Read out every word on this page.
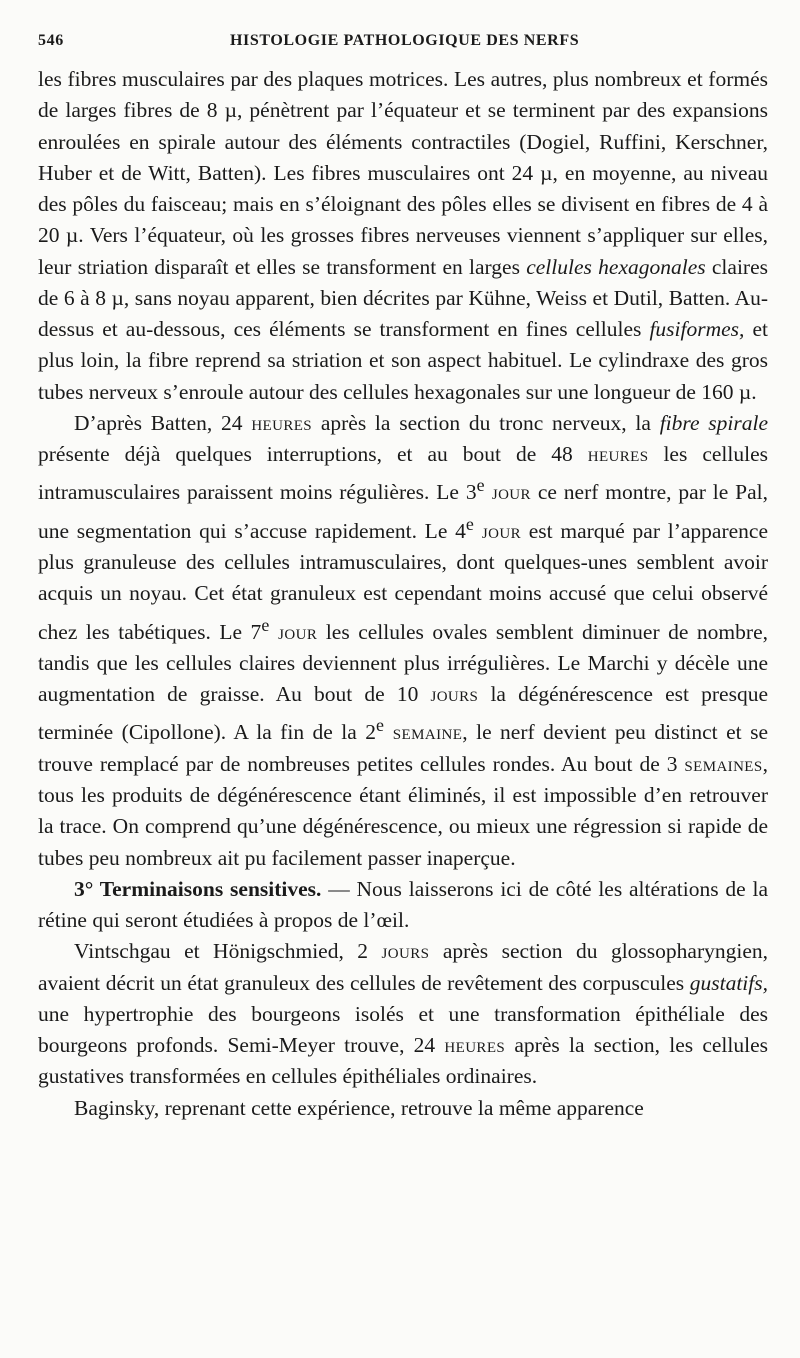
546	HISTOLOGIE PATHOLOGIQUE DES NERFS

les fibres musculaires par des plaques motrices. Les autres, plus nombreux et formés de larges fibres de 8 µ, pénètrent par l’équateur et se terminent par des expansions enroulées en spirale autour des éléments contractiles (Dogiel, Ruffini, Kerschner, Huber et de Witt, Batten). Les fibres musculaires ont 24 µ, en moyenne, au niveau des pôles du faisceau; mais en s’éloignant des pôles elles se divisent en fibres de 4 à 20 µ. Vers l’équateur, où les grosses fibres nerveuses viennent s’appliquer sur elles, leur striation disparaît et elles se transforment en larges cellules hexagonales claires de 6 à 8 µ, sans noyau apparent, bien décrites par Kühne, Weiss et Dutil, Batten. Au-dessus et au-dessous, ces éléments se transforment en fines cellules fusiformes, et plus loin, la fibre reprend sa striation et son aspect habituel. Le cylindraxe des gros tubes nerveux s’enroule autour des cellules hexagonales sur une longueur de 160 µ.

D’après Batten, 24 heures après la section du tronc nerveux, la fibre spirale présente déjà quelques interruptions, et au bout de 48 heures les cellules intramusculaires paraissent moins régulières. Le 3e jour ce nerf montre, par le Pal, une segmentation qui s’accuse rapidement. Le 4e jour est marqué par l’apparence plus granuleuse des cellules intramusculaires, dont quelques-unes semblent avoir acquis un noyau. Cet état granuleux est cependant moins accusé que celui observé chez les tabétiques. Le 7e jour les cellules ovales semblent diminuer de nombre, tandis que les cellules claires deviennent plus irrégulières. Le Marchi y décèle une augmentation de graisse. Au bout de 10 jours la dégénérescence est presque terminée (Cipollone). A la fin de la 2e semaine, le nerf devient peu distinct et se trouve remplacé par de nombreuses petites cellules rondes. Au bout de 3 semaines, tous les produits de dégénérescence étant éliminés, il est impossible d’en retrouver la trace. On comprend qu’une dégénérescence, ou mieux une régression si rapide de tubes peu nombreux ait pu facilement passer inaperçue.

3° Terminaisons sensitives. — Nous laisserons ici de côté les altérations de la rétine qui seront étudiées à propos de l’œil.

Vintschgau et Hönigschmied, 2 jours après section du glossopharyngien, avaient décrit un état granuleux des cellules de revêtement des corpuscules gustatifs, une hypertrophie des bourgeons isolés et une transformation épithéliale des bourgeons profonds. Semi-Meyer trouve, 24 heures après la section, les cellules gustatives transformées en cellules épithéliales ordinaires.

Baginsky, reprenant cette expérience, retrouve la même apparence
